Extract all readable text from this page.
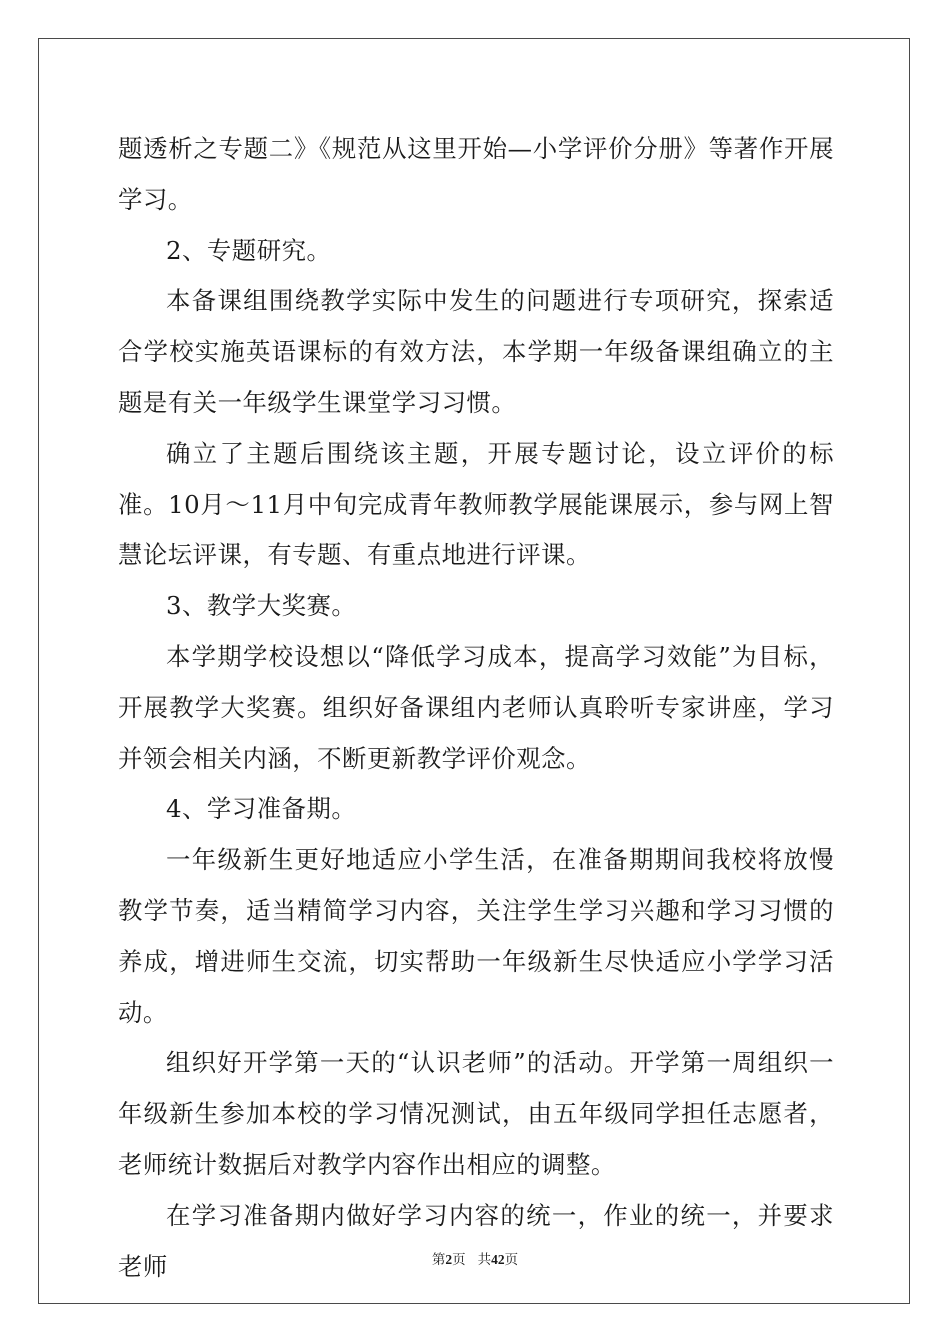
题透析之专题二》《规范从这里开始—小学评价分册》等著作开展学习。

2、专题研究。

本备课组围绕教学实际中发生的问题进行专项研究，探索适合学校实施英语课标的有效方法，本学期一年级备课组确立的主题是有关一年级学生课堂学习习惯。

确立了主题后围绕该主题，开展专题讨论，设立评价的标准。10月～11月中旬完成青年教师教学展能课展示，参与网上智慧论坛评课，有专题、有重点地进行评课。

3、教学大奖赛。

本学期学校设想以“降低学习成本，提高学习效能”为目标，开展教学大奖赛。组织好备课组内老师认真聆听专家讲座，学习并领会相关内涵，不断更新教学评价观念。

4、学习准备期。

一年级新生更好地适应小学生活，在准备期期间我校将放慢教学节奏，适当精简学习内容，关注学生学习兴趣和学习习惯的养成，增进师生交流，切实帮助一年级新生尽快适应小学学习活动。

组织好开学第一天的“认识老师”的活动。开学第一周组织一年级新生参加本校的学习情况测试，由五年级同学担任志愿者，老师统计数据后对教学内容作出相应的调整。

在学习准备期内做好学习内容的统一，作业的统一，并要求老师	第2页 共42页
